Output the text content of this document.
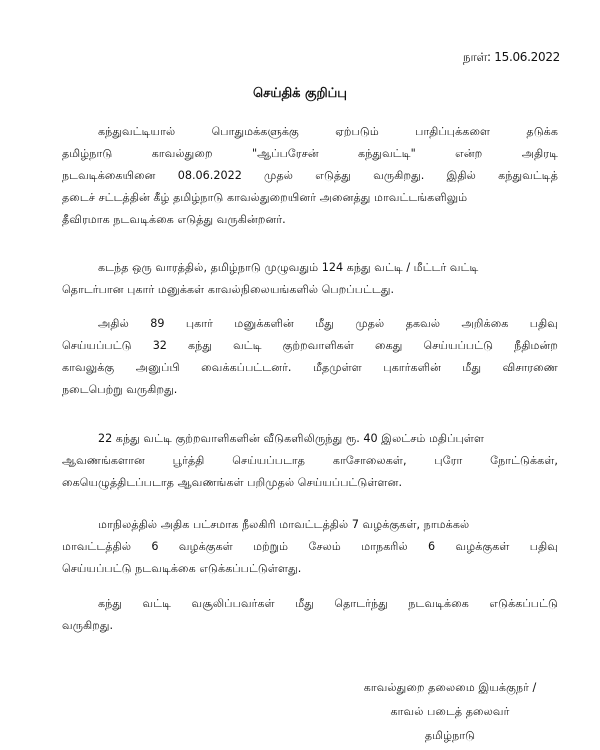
நாள்: 15.06.2022
செய்திக் குறிப்பு
கந்துவட்டியால் பொதுமக்களுக்கு ஏற்படும் பாதிப்புக்களை தடுக்க
தமிழ்நாடு காவல்துறை "ஆப்பரேசன் கந்துவட்டி" என்ற அதிரடி
நடவடிக்கையினை 08.06.2022 முதல் எடுத்து வருகிறது. இதில் கந்துவட்டித்
தடைச் சட்டத்தின் கீழ் தமிழ்நாடு காவல்துறையினர் அனைத்து மாவட்டங்களிலும்
தீவிரமாக நடவடிக்கை எடுத்து வருகின்றனர்.
கடந்த ஒரு வாரத்தில், தமிழ்நாடு முழுவதும் 124 கந்து வட்டி / மீட்டர் வட்டி
தொடர்பான புகார் மனுக்கள் காவல்நிலையங்களில் பெறப்பட்டது.
அதில் 89 புகார் மனுக்களின் மீது முதல் தகவல் அறிக்கை பதிவு
செய்யப்பட்டு 32 கந்து வட்டி குற்றவாளிகள் கைது செய்யப்பட்டு நீதிமன்ற
காவலுக்கு அனுப்பி வைக்கப்பட்டனர். மீதமுள்ள புகார்களின் மீது விசாரணை
நடைபெற்று வருகிறது.
22 கந்து வட்டி குற்றவாளிகளின் வீடுகளிலிருந்து ரூ. 40 இலட்சம் மதிப்புள்ள
ஆவணங்களான பூர்த்தி செய்யப்படாத காசோலைகள், புரோ நோட்டுக்கள்,
கையெழுத்திடப்படாத ஆவணங்கள் பறிமுதல் செய்யப்பட்டுள்ளன.
மாநிலத்தில் அதிக பட்சமாக நீலகிரி மாவட்டத்தில் 7 வழக்குகள், நாமக்கல்
மாவட்டத்தில் 6 வழக்குகள் மற்றும் சேலம் மாநகரில் 6 வழக்குகள் பதிவு
செய்யப்பட்டு நடவடிக்கை எடுக்கப்பட்டுள்ளது.
கந்து வட்டி வசூலிப்பவர்கள் மீது தொடர்ந்து நடவடிக்கை எடுக்கப்பட்டு
வருகிறது.
காவல்துறை தலைமை இயக்குநர் /
காவல் படைத் தலைவர்
தமிழ்நாடு
